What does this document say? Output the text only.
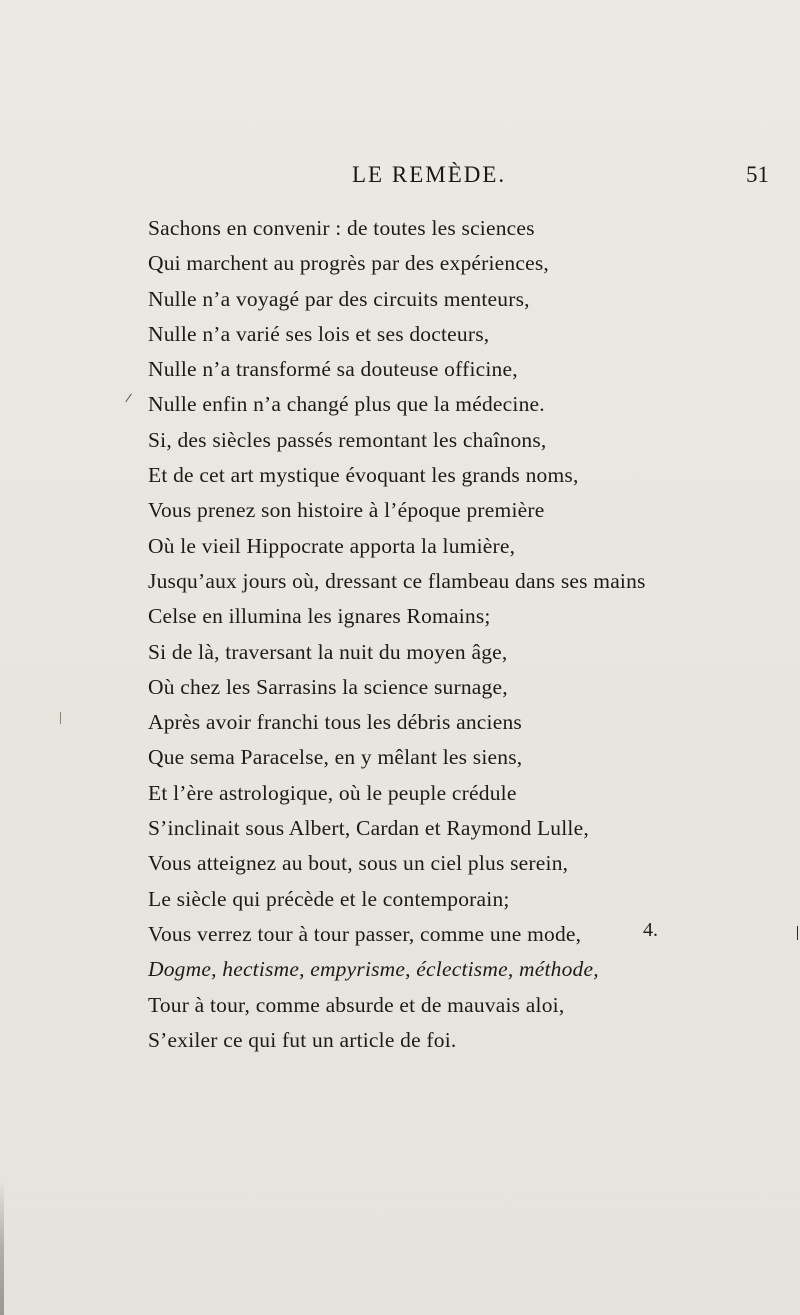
LE REMÈDE.	51
Sachons en convenir : de toutes les sciences
Qui marchent au progrès par des expériences,
Nulle n’a voyagé par des circuits menteurs,
Nulle n’a varié ses lois et ses docteurs,
Nulle n’a transformé sa douteuse officine,
Nulle enfin n’a changé plus que la médecine.
Si, des siècles passés remontant les chaînons,
Et de cet art mystique évoquant les grands noms,
Vous prenez son histoire à l’époque première
Où le vieil Hippocrate apporta la lumière,
Jusqu’aux jours où, dressant ce flambeau dans ses mains
Celse en illumina les ignares Romains;
Si de là, traversant la nuit du moyen âge,
Où chez les Sarrasins la science surnage,
Après avoir franchi tous les débris anciens
Que sema Paracelse, en y mêlant les siens,
Et l’ère astrologique, où le peuple crédule
S’inclinait sous Albert, Cardan et Raymond Lulle,
Vous atteignez au bout, sous un ciel plus serein,
Le siècle qui précède et le contemporain;
Vous verrez tour à tour passer, comme une mode,
Dogme, hectisme, empyrisme, éclectisme, méthode,
Tour à tour, comme absurde et de mauvais aloi,
S’exiler ce qui fut un article de foi.
4.
